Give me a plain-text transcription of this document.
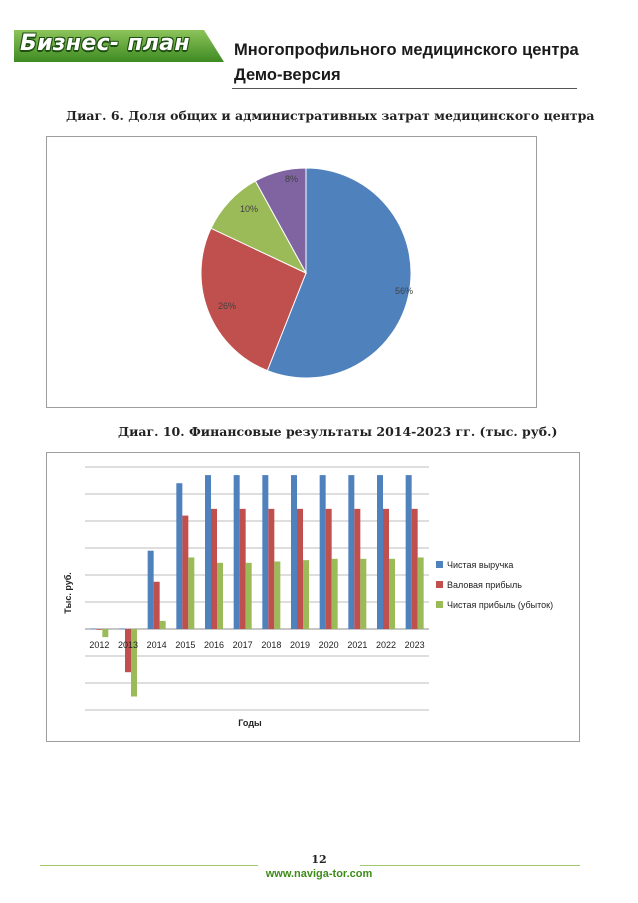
Бизнес- план	Многопрофильного медицинского центра
Демо-версия
Диаг. 6. Доля общих и административных затрат медицинского центра
56%
26%
10%
8%
Диаг. 10. Финансовые результаты 2014-2023 гг. (тыс. руб.)
2012 2013 2014 2015 2016 2017 2018 2019 2020 2021 2022 2023
Годы
Тыс. руб.
Чистая выручка
Валовая прибыль
Чистая прибыль (убыток)
12
www.naviga-tor.com
